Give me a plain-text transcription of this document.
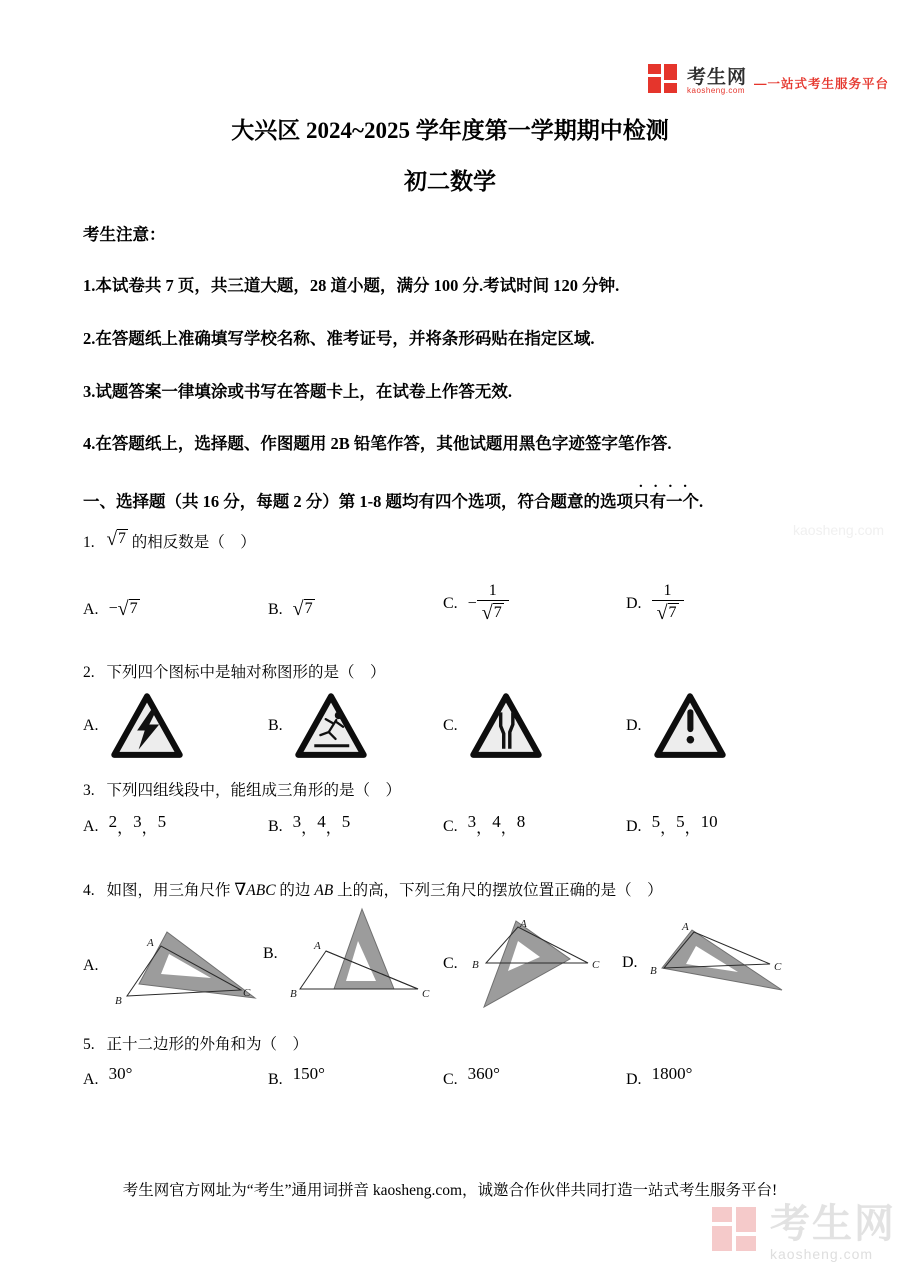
考生网
kaosheng.com —一站式考生服务平台
大兴区 2024~2025 学年度第一学期期中检测
初二数学
考生注意：
1.本试卷共 7 页，共三道大题，28 道小题，满分 100 分.考试时间 120 分钟.
2.在答题纸上准确填写学校名称、准考证号，并将条形码贴在指定区域.
3.试题答案一律填涂或书写在答题卡上，在试卷上作答无效.
4.在答题纸上，选择题、作图题用 2B 铅笔作答，其他试题用黑色字迹签字笔作答.
一、选择题（共 16 分，每题 2 分）第 1-8 题均有四个选项，符合题意的选项
....
只有一个.
1. √7 的相反数是（　）
A. −√7	B. √7	C. − $\frac{1}{√7}$	D. $\frac{1}{√7}$
2. 下列四个图标中是轴对称图形的是（　）
A.	B.	C.	D.
3. 下列四组线段中，能组成三角形的是（　）
A. 2，3，5	B. 3，4，5	C. 3，4，8	D. 5，5，10
4. 如图，用三角尺作 ∇ABC 的边 AB 上的高，下列三角尺的摆放位置正确的是（　）
A.
A
B
C
B.	A
B	C
C.
A
B	C D.
A
B	C
5. 正十二边形的外角和为（　）
A. 30°	B. 150°	C. 360°	D. 1800°
考生网官方网址为“考生”通用词拼音 kaosheng.com，诚邀合作伙伴共同打造一站式考生服务平台!
kaosheng.com
考生网
kaosheng.com
